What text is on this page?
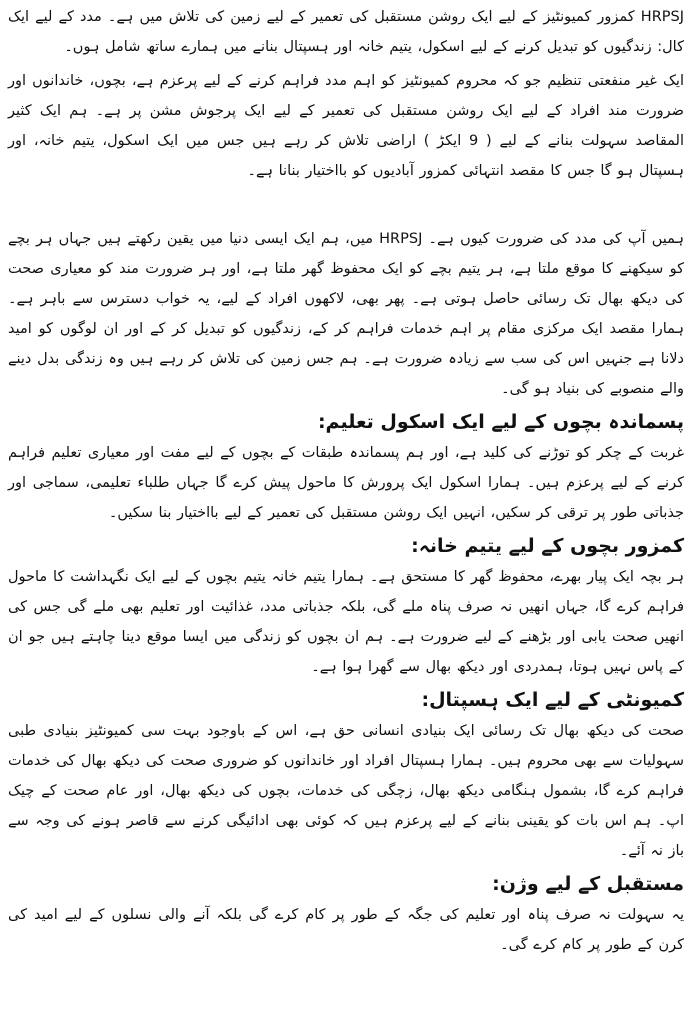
HRPSJ کمزور کمیونٹیز کے لیے ایک روشن مستقبل کی تعمیر کے لیے زمین کی تلاش میں ہے۔ مدد کے لیے ایک کال: زندگیوں کو تبدیل کرنے کے لیے اسکول، یتیم خانہ اور ہسپتال بنانے میں ہمارے ساتھ شامل ہوں۔

ایک غیر منفعتی تنظیم جو کہ محروم کمیونٹیز کو اہم مدد فراہم کرنے کے لیے پرعزم ہے، بچوں، خاندانوں اور ضرورت مند افراد کے لیے ایک روشن مستقبل کی تعمیر کے لیے ایک پرجوش مشن پر ہے۔ ہم ایک کثیر المقاصد سہولت بنانے کے لیے ( 9 ایکڑ ) اراضی تلاش کر رہے ہیں جس میں ایک اسکول، یتیم خانہ، اور ہسپتال ہو گا جس کا مقصد انتہائی کمزور آبادیوں کو بااختیار بنانا ہے۔

ہمیں آپ کی مدد کی ضرورت کیوں ہے۔ HRPSJ میں، ہم ایک ایسی دنیا میں یقین رکھتے ہیں جہاں ہر بچے کو سیکھنے کا موقع ملتا ہے، ہر یتیم بچے کو ایک محفوظ گھر ملتا ہے، اور ہر ضرورت مند کو معیاری صحت کی دیکھ بھال تک رسائی حاصل ہوتی ہے۔ پھر بھی، لاکھوں افراد کے لیے، یہ خواب دسترس سے باہر ہے۔ ہمارا مقصد ایک مرکزی مقام پر اہم خدمات فراہم کر کے، زندگیوں کو تبدیل کر کے اور ان لوگوں کو امید دلانا ہے جنہیں اس کی سب سے زیادہ ضرورت ہے۔ ہم جس زمین کی تلاش کر رہے ہیں وہ زندگی بدل دینے والے منصوبے کی بنیاد ہو گی۔

پسماندہ بچوں کے لیے ایک اسکول تعلیم:

غربت کے چکر کو توڑنے کی کلید ہے، اور ہم پسماندہ طبقات کے بچوں کے لیے مفت اور معیاری تعلیم فراہم کرنے کے لیے پرعزم ہیں۔ ہمارا اسکول ایک پرورش کا ماحول پیش کرے گا جہاں طلباء تعلیمی، سماجی اور جذباتی طور پر ترقی کر سکیں، انہیں ایک روشن مستقبل کی تعمیر کے لیے بااختیار بنا سکیں۔

کمزور بچوں کے لیے یتیم خانہ:

ہر بچہ ایک پیار بھرے، محفوظ گھر کا مستحق ہے۔ ہمارا یتیم خانہ یتیم بچوں کے لیے ایک نگہداشت کا ماحول فراہم کرے گا، جہاں انھیں نہ صرف پناہ ملے گی، بلکہ جذباتی مدد، غذائیت اور تعلیم بھی ملے گی جس کی انھیں صحت یابی اور بڑھنے کے لیے ضرورت ہے۔ ہم ان بچوں کو زندگی میں ایسا موقع دینا چاہتے ہیں جو ان کے پاس نہیں ہوتا، ہمدردی اور دیکھ بھال سے گھرا ہوا ہے۔

کمیونٹی کے لیے ایک ہسپتال:

صحت کی دیکھ بھال تک رسائی ایک بنیادی انسانی حق ہے، اس کے باوجود بہت سی کمیونٹیز بنیادی طبی سہولیات سے بھی محروم ہیں۔ ہمارا ہسپتال افراد اور خاندانوں کو ضروری صحت کی دیکھ بھال کی خدمات فراہم کرے گا، بشمول ہنگامی دیکھ بھال، زچگی کی خدمات، بچوں کی دیکھ بھال، اور عام صحت کے چیک اپ۔ ہم اس بات کو یقینی بنانے کے لیے پرعزم ہیں کہ کوئی بھی ادائیگی کرنے سے قاصر ہونے کی وجہ سے باز نہ آئے۔

مستقبل کے لیے وژن:

یہ سہولت نہ صرف پناہ اور تعلیم کی جگہ کے طور پر کام کرے گی بلکہ آنے والی نسلوں کے لیے امید کی کرن کے طور پر کام کرے گی۔
